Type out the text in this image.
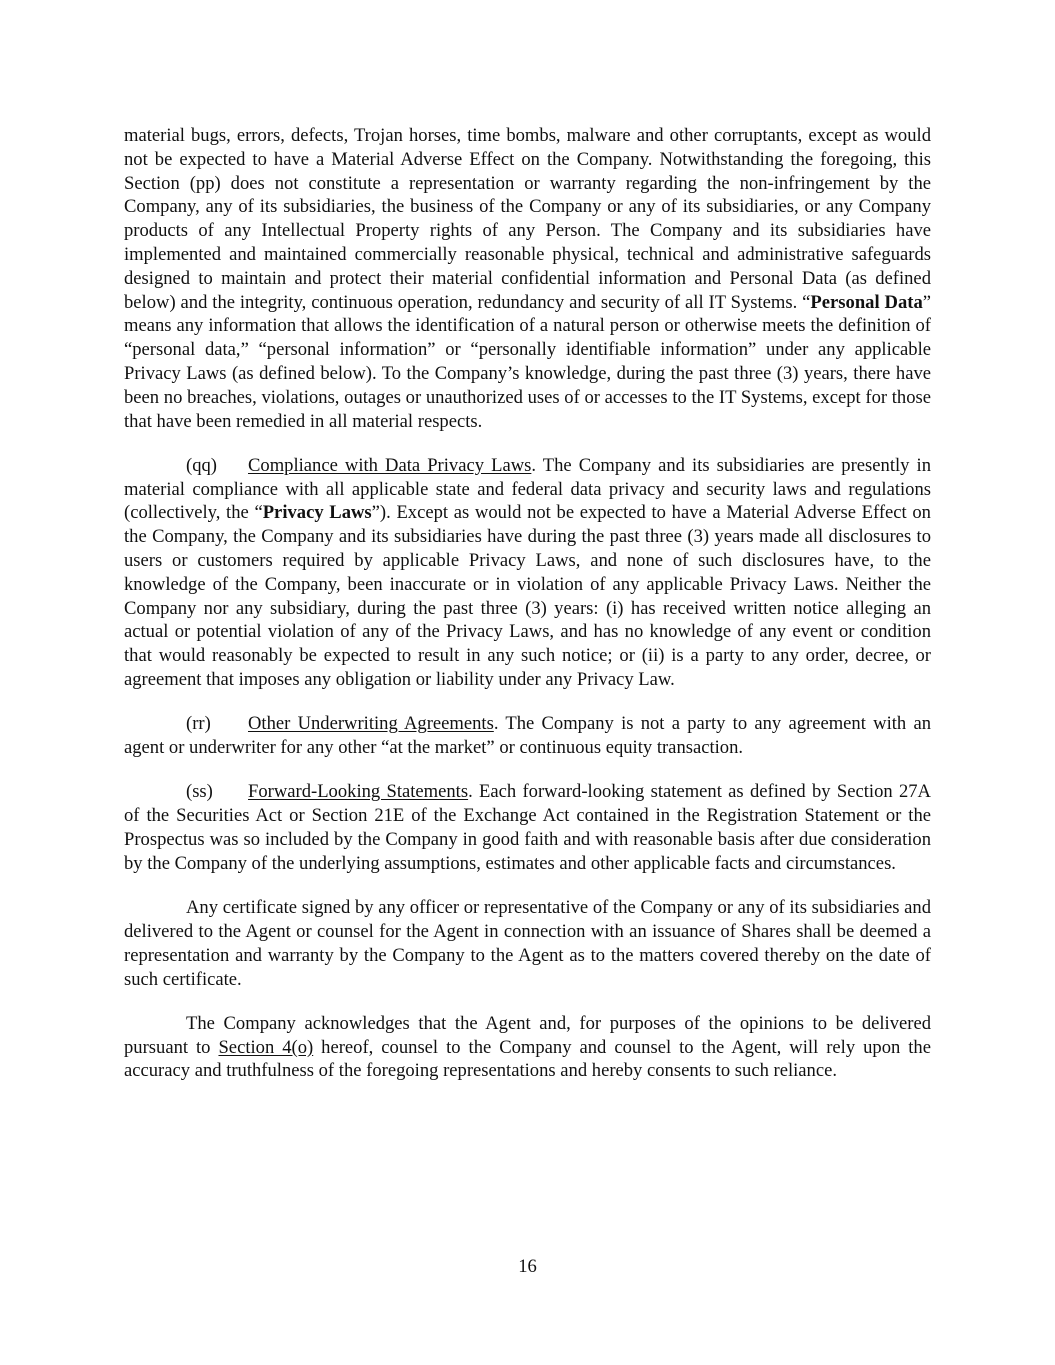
material bugs, errors, defects, Trojan horses, time bombs, malware and other corruptants, except as would not be expected to have a Material Adverse Effect on the Company. Notwithstanding the foregoing, this Section (pp) does not constitute a representation or warranty regarding the non-infringement by the Company, any of its subsidiaries, the business of the Company or any of its subsidiaries, or any Company products of any Intellectual Property rights of any Person. The Company and its subsidiaries have implemented and maintained commercially reasonable physical, technical and administrative safeguards designed to maintain and protect their material confidential information and Personal Data (as defined below) and the integrity, continuous operation, redundancy and security of all IT Systems. “Personal Data” means any information that allows the identification of a natural person or otherwise meets the definition of “personal data,” “personal information” or “personally identifiable information” under any applicable Privacy Laws (as defined below). To the Company’s knowledge, during the past three (3) years, there have been no breaches, violations, outages or unauthorized uses of or accesses to the IT Systems, except for those that have been remedied in all material respects.

(qq) Compliance with Data Privacy Laws. The Company and its subsidiaries are presently in material compliance with all applicable state and federal data privacy and security laws and regulations (collectively, the “Privacy Laws”). Except as would not be expected to have a Material Adverse Effect on the Company, the Company and its subsidiaries have during the past three (3) years made all disclosures to users or customers required by applicable Privacy Laws, and none of such disclosures have, to the knowledge of the Company, been inaccurate or in violation of any applicable Privacy Laws. Neither the Company nor any subsidiary, during the past three (3) years: (i) has received written notice alleging an actual or potential violation of any of the Privacy Laws, and has no knowledge of any event or condition that would reasonably be expected to result in any such notice; or (ii) is a party to any order, decree, or agreement that imposes any obligation or liability under any Privacy Law.

(rr) Other Underwriting Agreements. The Company is not a party to any agreement with an agent or underwriter for any other “at the market” or continuous equity transaction.

(ss) Forward-Looking Statements. Each forward-looking statement as defined by Section 27A of the Securities Act or Section 21E of the Exchange Act contained in the Registration Statement or the Prospectus was so included by the Company in good faith and with reasonable basis after due consideration by the Company of the underlying assumptions, estimates and other applicable facts and circumstances.

Any certificate signed by any officer or representative of the Company or any of its subsidiaries and delivered to the Agent or counsel for the Agent in connection with an issuance of Shares shall be deemed a representation and warranty by the Company to the Agent as to the matters covered thereby on the date of such certificate.

The Company acknowledges that the Agent and, for purposes of the opinions to be delivered pursuant to Section 4(o) hereof, counsel to the Company and counsel to the Agent, will rely upon the accuracy and truthfulness of the foregoing representations and hereby consents to such reliance.

16
